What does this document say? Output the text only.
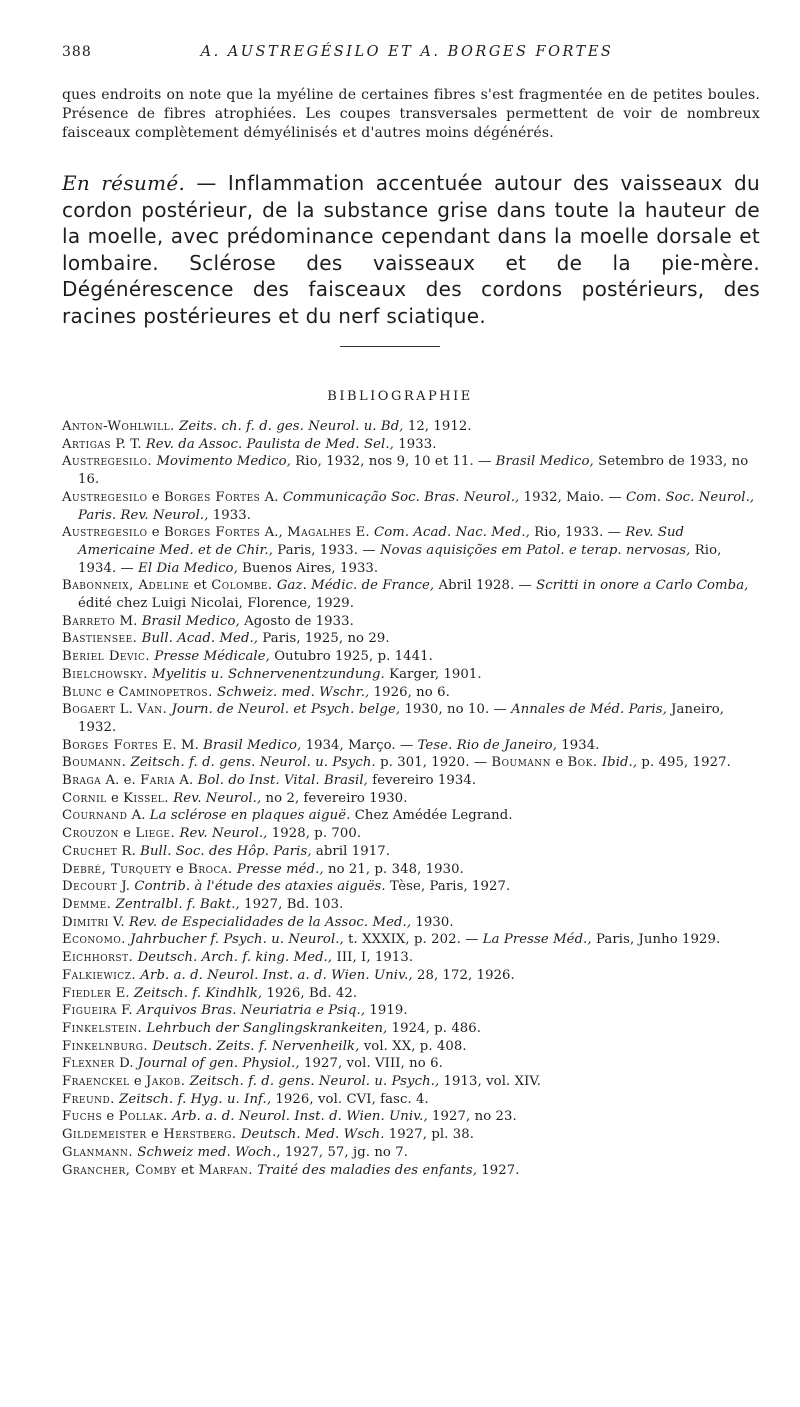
388	A. AUSTREGÉSILO ET A. BORGES FORTES

ques endroits on note que la myéline de certaines fibres s'est fragmentée en de petites boules. Présence de fibres atrophiées. Les coupes transversales permettent de voir de nombreux faisceaux complètement démyélinisés et d'autres moins dégénérés.

En résumé. — Inflammation accentuée autour des vaisseaux du cordon postérieur, de la substance grise dans toute la hauteur de la moelle, avec prédominance cependant dans la moelle dorsale et lombaire. Sclérose des vaisseaux et de la pie-mère. Dégénérescence des faisceaux des cordons postérieurs, des racines postérieures et du nerf sciatique.

BIBLIOGRAPHIE
Anton-Wohlwill. Zeits. ch. f. d. ges. Neurol. u. Bd, 12, 1912.
Artigas P. T. Rev. da Assoc. Paulista de Med. Sel., 1933.
Austregesilo. Movimento Medico, Rio, 1932, nos 9, 10 et 11. — Brasil Medico, Setembro de 1933, no 16.
Austregesilo e Borges Fortes A. Communicação Soc. Bras. Neurol., 1932, Maio. — Com. Soc. Neurol., Paris. Rev. Neurol., 1933.
Austregesilo e Borges Fortes A., Magalhes E. Com. Acad. Nac. Med., Rio, 1933. — Rev. Sud Americaine Med. et de Chir., Paris, 1933. — Novas aquisições em Patol. e terap. nervosas, Rio, 1934. — El Dia Medico, Buenos Aires, 1933.
Babonneix, Adeline et Colombe. Gaz. Médic. de France, Abril 1928. — Scritti in onore a Carlo Comba, édité chez Luigi Nicolai, Florence, 1929.
Barreto M. Brasil Medico, Agosto de 1933.
Bastiensee. Bull. Acad. Med., Paris, 1925, no 29.
Beriel Devic. Presse Médicale, Outubro 1925, p. 1441.
Bielchowsky. Myelitis u. Schnervenentzundung. Karger, 1901.
Blunc e Caminopetros. Schweiz. med. Wschr., 1926, no 6.
Bogaert L. Van. Journ. de Neurol. et Psych. belge, 1930, no 10. — Annales de Méd. Paris, Janeiro, 1932.
Borges Fortes E. M. Brasil Medico, 1934, Março. — Tese. Rio de Janeiro, 1934.
Boumann. Zeitsch. f. d. gens. Neurol. u. Psych. p. 301, 1920. — Boumann e Bok. Ibid., p. 495, 1927.
Braga A. e. Faria A. Bol. do Inst. Vital. Brasil, fevereiro 1934.
Cornil e Kissel. Rev. Neurol., no 2, fevereiro 1930.
Cournand A. La sclérose en plaques aiguë. Chez Amédée Legrand.
Crouzon e Liege. Rev. Neurol., 1928, p. 700.
Cruchet R. Bull. Soc. des Hôp. Paris, abril 1917.
Debré, Turquety e Broca. Presse méd., no 21, p. 348, 1930.
Decourt J. Contrib. à l'étude des ataxies aiguës. Tèse, Paris, 1927.
Demme. Zentralbl. f. Bakt., 1927, Bd. 103.
Dimitri V. Rev. de Especialidades de la Assoc. Med., 1930.
Economo. Jahrbucher f. Psych. u. Neurol., t. XXXIX, p. 202. — La Presse Méd., Paris, Junho 1929.
Eichhorst. Deutsch. Arch. f. king. Med., III, I, 1913.
Falkiewicz. Arb. a. d. Neurol. Inst. a. d. Wien. Univ., 28, 172, 1926.
Fiedler E. Zeitsch. f. Kindhlk, 1926, Bd. 42.
Figueira F. Arquivos Bras. Neuriatria e Psiq., 1919.
Finkelstein. Lehrbuch der Sanglingskrankeiten, 1924, p. 486.
Finkelnburg. Deutsch. Zeits. f. Nervenheilk, vol. XX, p. 408.
Flexner D. Journal of gen. Physiol., 1927, vol. VIII, no 6.
Fraenckel e Jakob. Zeitsch. f. d. gens. Neurol. u. Psych., 1913, vol. XIV.
Freund. Zeitsch. f. Hyg. u. Inf., 1926, vol. CVI, fasc. 4.
Fuchs e Pollak. Arb. a. d. Neurol. Inst. d. Wien. Univ., 1927, no 23.
Gildemeister e Herstberg. Deutsch. Med. Wsch. 1927, pl. 38.
Glanmann. Schweiz med. Woch., 1927, 57, jg. no 7.
Grancher, Comby et Marfan. Traité des maladies des enfants, 1927.
